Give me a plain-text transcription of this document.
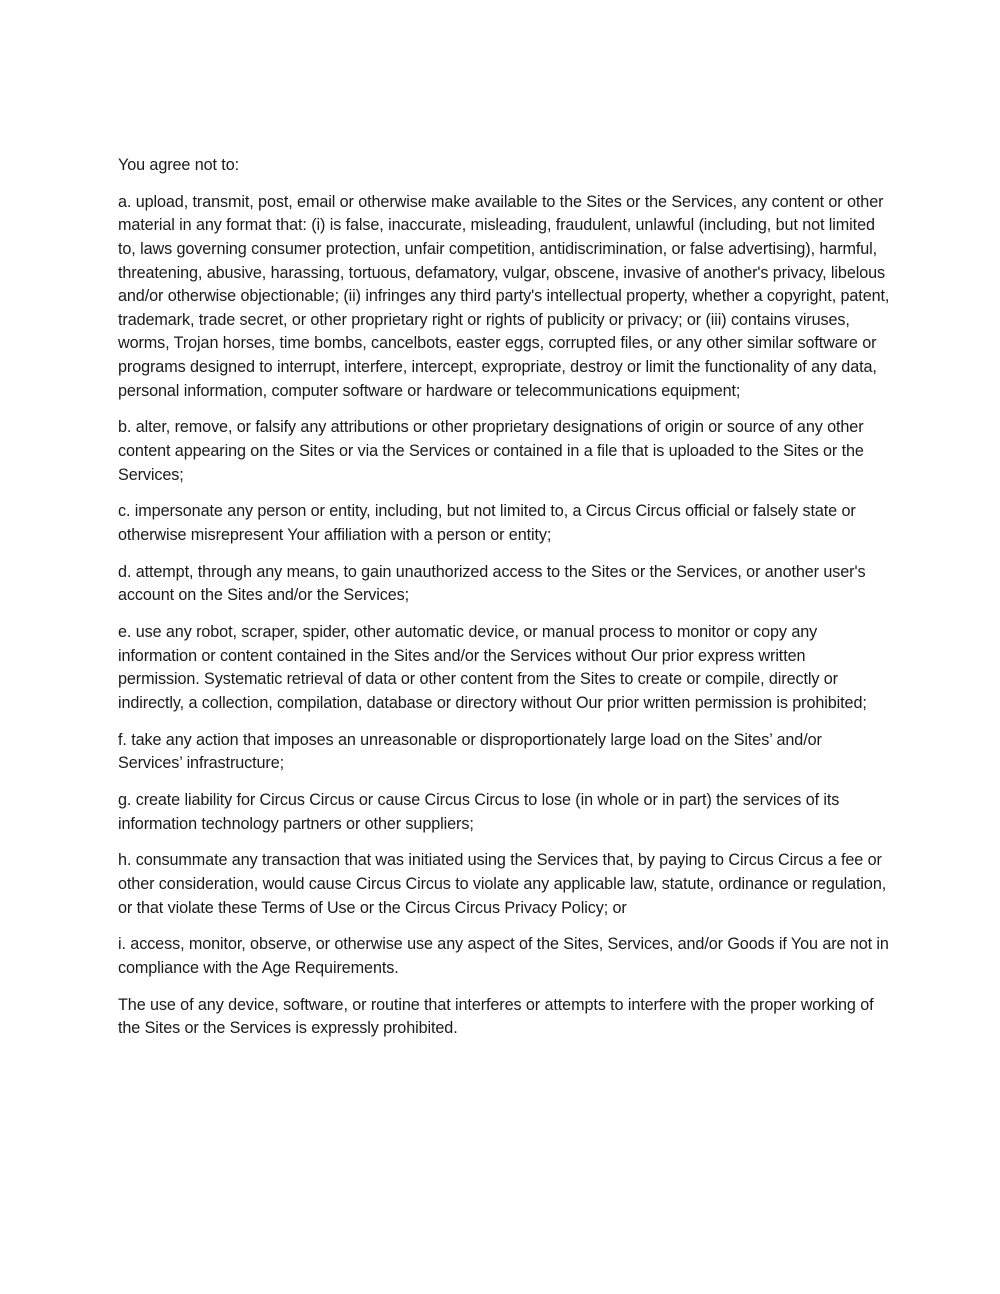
You agree not to:

a. upload, transmit, post, email or otherwise make available to the Sites or the Services, any content or other material in any format that: (i) is false, inaccurate, misleading, fraudulent, unlawful (including, but not limited to, laws governing consumer protection, unfair competition, antidiscrimination, or false advertising), harmful, threatening, abusive, harassing, tortuous, defamatory, vulgar, obscene, invasive of another's privacy, libelous and/or otherwise objectionable; (ii) infringes any third party's intellectual property, whether a copyright, patent, trademark, trade secret, or other proprietary right or rights of publicity or privacy; or (iii) contains viruses, worms, Trojan horses, time bombs, cancelbots, easter eggs, corrupted files, or any other similar software or programs designed to interrupt, interfere, intercept, expropriate, destroy or limit the functionality of any data, personal information, computer software or hardware or telecommunications equipment;

b. alter, remove, or falsify any attributions or other proprietary designations of origin or source of any other content appearing on the Sites or via the Services or contained in a file that is uploaded to the Sites or the Services;

c. impersonate any person or entity, including, but not limited to, a Circus Circus official or falsely state or otherwise misrepresent Your affiliation with a person or entity;

d. attempt, through any means, to gain unauthorized access to the Sites or the Services, or another user's account on the Sites and/or the Services;

e. use any robot, scraper, spider, other automatic device, or manual process to monitor or copy any information or content contained in the Sites and/or the Services without Our prior express written permission. Systematic retrieval of data or other content from the Sites to create or compile, directly or indirectly, a collection, compilation, database or directory without Our prior written permission is prohibited;

f. take any action that imposes an unreasonable or disproportionately large load on the Sites’ and/or Services’ infrastructure;

g. create liability for Circus Circus or cause Circus Circus to lose (in whole or in part) the services of its information technology partners or other suppliers;

h. consummate any transaction that was initiated using the Services that, by paying to Circus Circus a fee or other consideration, would cause Circus Circus to violate any applicable law, statute, ordinance or regulation, or that violate these Terms of Use or the Circus Circus Privacy Policy; or

i. access, monitor, observe, or otherwise use any aspect of the Sites, Services, and/or Goods if You are not in compliance with the Age Requirements.

The use of any device, software, or routine that interferes or attempts to interfere with the proper working of the Sites or the Services is expressly prohibited.
